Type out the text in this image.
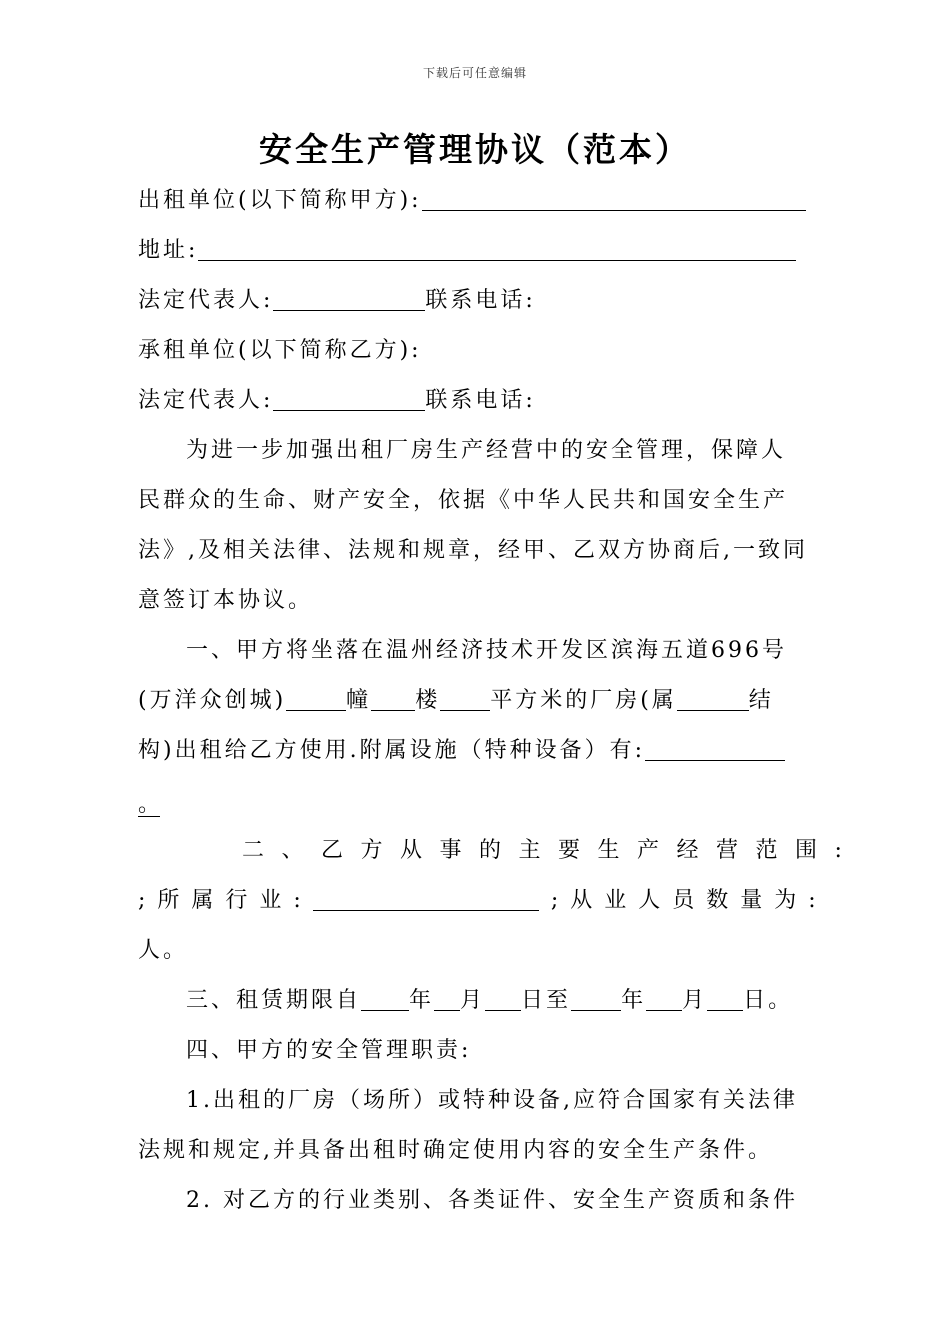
下载后可任意编辑
安全生产管理协议（范本）
出租单位(以下简称甲方):
地址:
法定代表人:	联系电话:
承租单位(以下简称乙方):
法定代表人:	联系电话:
为进一步加强出租厂房生产经营中的安全管理，保障人
民群众的生命、财产安全，依据《中华人民共和国安全生产
法》,及相关法律、法规和规章，经甲、乙双方协商后,一致同
意签订本协议。
一、甲方将坐落在温州经济技术开发区滨海五道696号
(万洋众创城)	幢 楼 平方米的厂房(属	结
构)出租给乙方使用.附属设施（特种设备）有:
。
二、乙方从事的主要生产经营范围:
;所属行业:	;从业人员数量为:
人。
三、租赁期限自 年 月 日至 年 月 日。
四、甲方的安全管理职责:
1.出租的厂房（场所）或特种设备,应符合国家有关法律
法规和规定,并具备出租时确定使用内容的安全生产条件。
2. 对乙方的行业类别、各类证件、安全生产资质和条件
